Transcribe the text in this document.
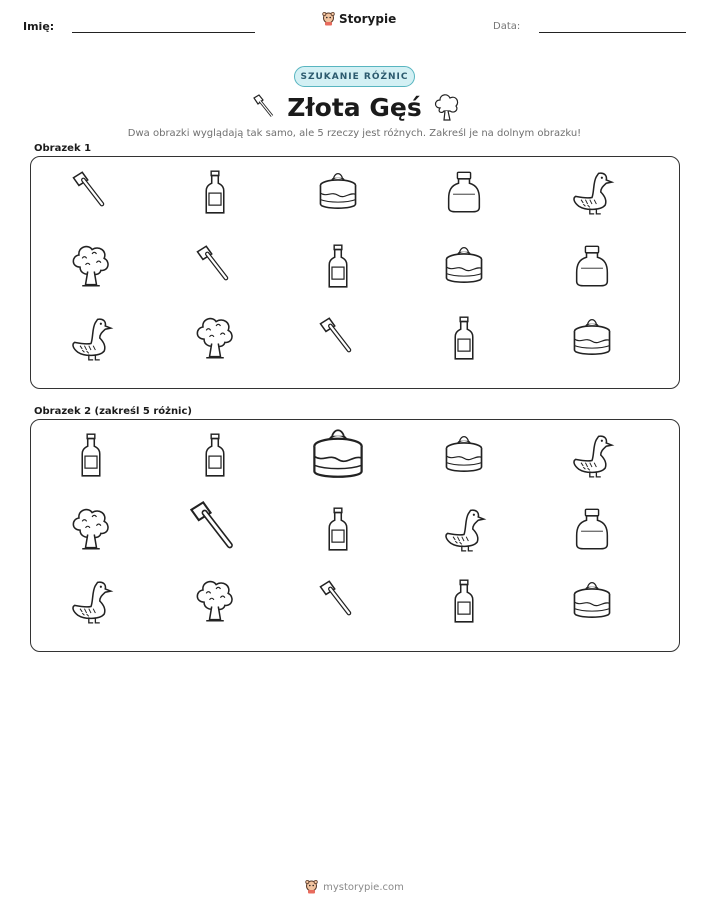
Imię:
Storypie
Data:
SZUKANIE RÓŻNIC
Złota Gęś
Dwa obrazki wyglądają tak samo, ale 5 rzeczy jest różnych. Zakreśl je na dolnym obrazku!
Obrazek 1
Obrazek 2 (zakreśl 5 różnic)
mystorypie.com
